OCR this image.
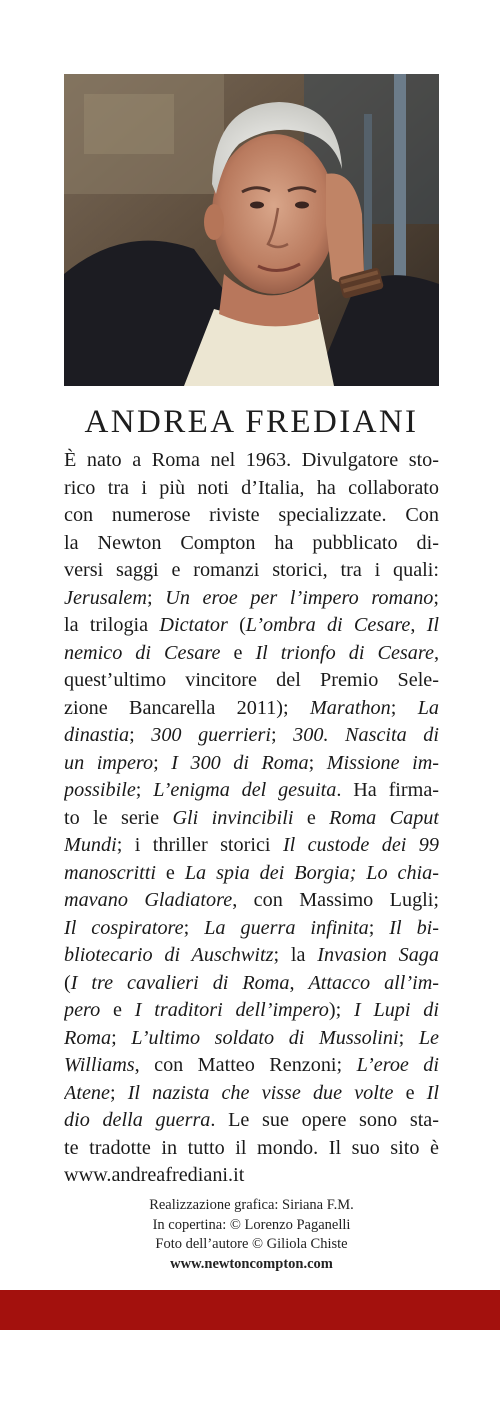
ANDREA FREDIANI
È nato a Roma nel 1963. Divulgatore sto-
rico tra i più noti d’Italia, ha collaborato
con numerose riviste specializzate. Con
la Newton Compton ha pubblicato di-
versi saggi e romanzi storici, tra i quali:
Jerusalem; Un eroe per l’impero romano;
la trilogia Dictator (L’ombra di Cesare, Il
nemico di Cesare e Il trionfo di Cesare,
quest’ultimo vincitore del Premio Sele-
zione Bancarella 2011); Marathon; La
dinastia; 300 guerrieri; 300. Nascita di
un impero; I 300 di Roma; Missione im-
possibile; L’enigma del gesuita. Ha firma-
to le serie Gli invincibili e Roma Caput
Mundi; i thriller storici Il custode dei 99
manoscritti e La spia dei Borgia; Lo chia-
mavano Gladiatore, con Massimo Lugli;
Il cospiratore; La guerra infinita; Il bi-
bliotecario di Auschwitz; la Invasion Saga
(I tre cavalieri di Roma, Attacco all’im-
pero e I traditori dell’impero); I Lupi di
Roma; L’ultimo soldato di Mussolini; Le
Williams, con Matteo Renzoni; L’eroe di
Atene; Il nazista che visse due volte e Il
dio della guerra. Le sue opere sono sta-
te tradotte in tutto il mondo. Il suo sito è
www.andreafrediani.it
Realizzazione grafica: Siriana F.M.
In copertina: © Lorenzo Paganelli
Foto dell’autore © Giliola Chiste
www.newtoncompton.com
